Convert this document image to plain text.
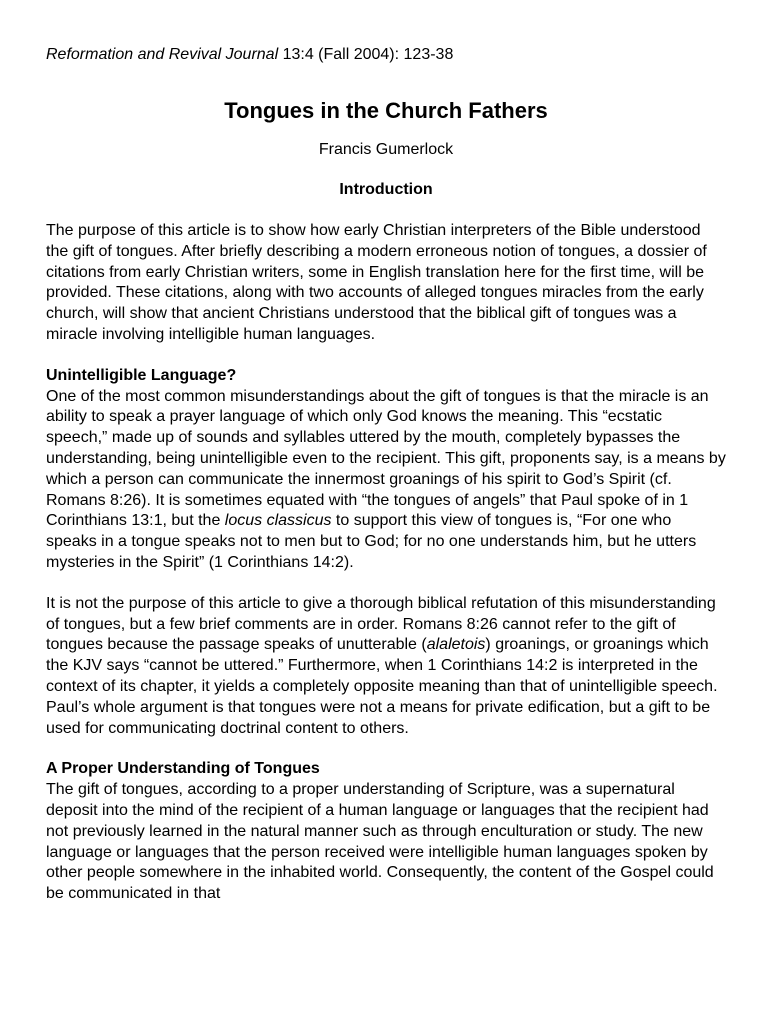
Reformation and Revival Journal 13:4 (Fall 2004): 123-38

Tongues in the Church Fathers

Francis Gumerlock

Introduction

The purpose of this article is to show how early Christian interpreters of the Bible understood the gift of tongues. After briefly describing a modern erroneous notion of tongues, a dossier of citations from early Christian writers, some in English translation here for the first time, will be provided. These citations, along with two accounts of alleged tongues miracles from the early church, will show that ancient Christians understood that the biblical gift of tongues was a miracle involving intelligible human languages.

Unintelligible Language?

One of the most common misunderstandings about the gift of tongues is that the miracle is an ability to speak a prayer language of which only God knows the meaning. This “ecstatic speech,” made up of sounds and syllables uttered by the mouth, completely bypasses the understanding, being unintelligible even to the recipient. This gift, proponents say, is a means by which a person can communicate the innermost groanings of his spirit to God’s Spirit (cf. Romans 8:26). It is sometimes equated with “the tongues of angels” that Paul spoke of in 1 Corinthians 13:1, but the locus classicus to support this view of tongues is, “For one who speaks in a tongue speaks not to men but to God; for no one understands him, but he utters mysteries in the Spirit” (1 Corinthians 14:2).

It is not the purpose of this article to give a thorough biblical refutation of this misunderstanding of tongues, but a few brief comments are in order. Romans 8:26 cannot refer to the gift of tongues because the passage speaks of unutterable (alaletois) groanings, or groanings which the KJV says “cannot be uttered.” Furthermore, when 1 Corinthians 14:2 is interpreted in the context of its chapter, it yields a completely opposite meaning than that of unintelligible speech. Paul’s whole argument is that tongues were not a means for private edification, but a gift to be used for communicating doctrinal content to others.

A Proper Understanding of Tongues

The gift of tongues, according to a proper understanding of Scripture, was a supernatural deposit into the mind of the recipient of a human language or languages that the recipient had not previously learned in the natural manner such as through enculturation or study. The new language or languages that the person received were intelligible human languages spoken by other people somewhere in the inhabited world. Consequently, the content of the Gospel could be communicated in that
